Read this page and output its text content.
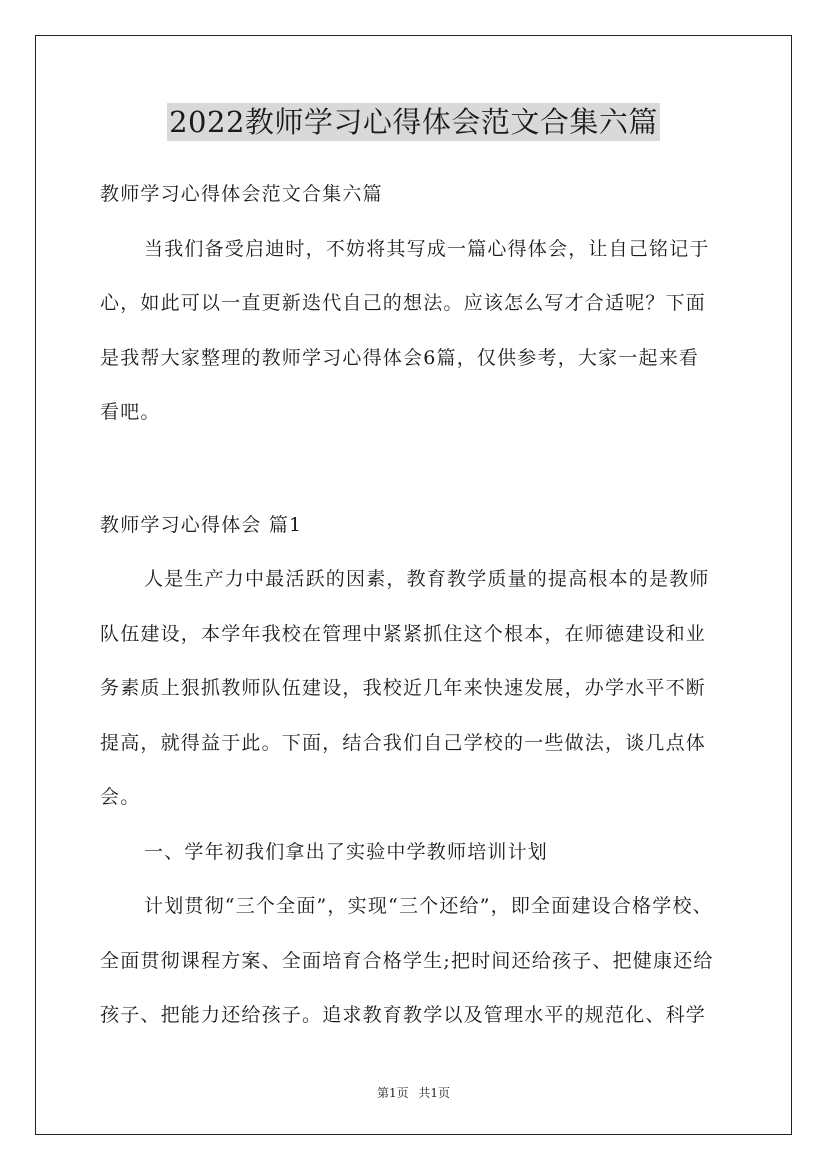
2022教师学习心得体会范文合集六篇
教师学习心得体会范文合集六篇
当我们备受启迪时，不妨将其写成一篇心得体会，让自己铭记于
心，如此可以一直更新迭代自己的想法。应该怎么写才合适呢？下面
是我帮大家整理的教师学习心得体会6篇，仅供参考，大家一起来看
看吧。
教师学习心得体会 篇1
人是生产力中最活跃的因素，教育教学质量的提高根本的是教师
队伍建设，本学年我校在管理中紧紧抓住这个根本，在师德建设和业
务素质上狠抓教师队伍建设，我校近几年来快速发展，办学水平不断
提高，就得益于此。下面，结合我们自己学校的一些做法，谈几点体
会。
一、学年初我们拿出了实验中学教师培训计划
计划贯彻“三个全面”，实现“三个还给”，即全面建设合格学校、
全面贯彻课程方案、全面培育合格学生;把时间还给孩子、把健康还给
孩子、把能力还给孩子。追求教育教学以及管理水平的规范化、科学
第1页 共1页
